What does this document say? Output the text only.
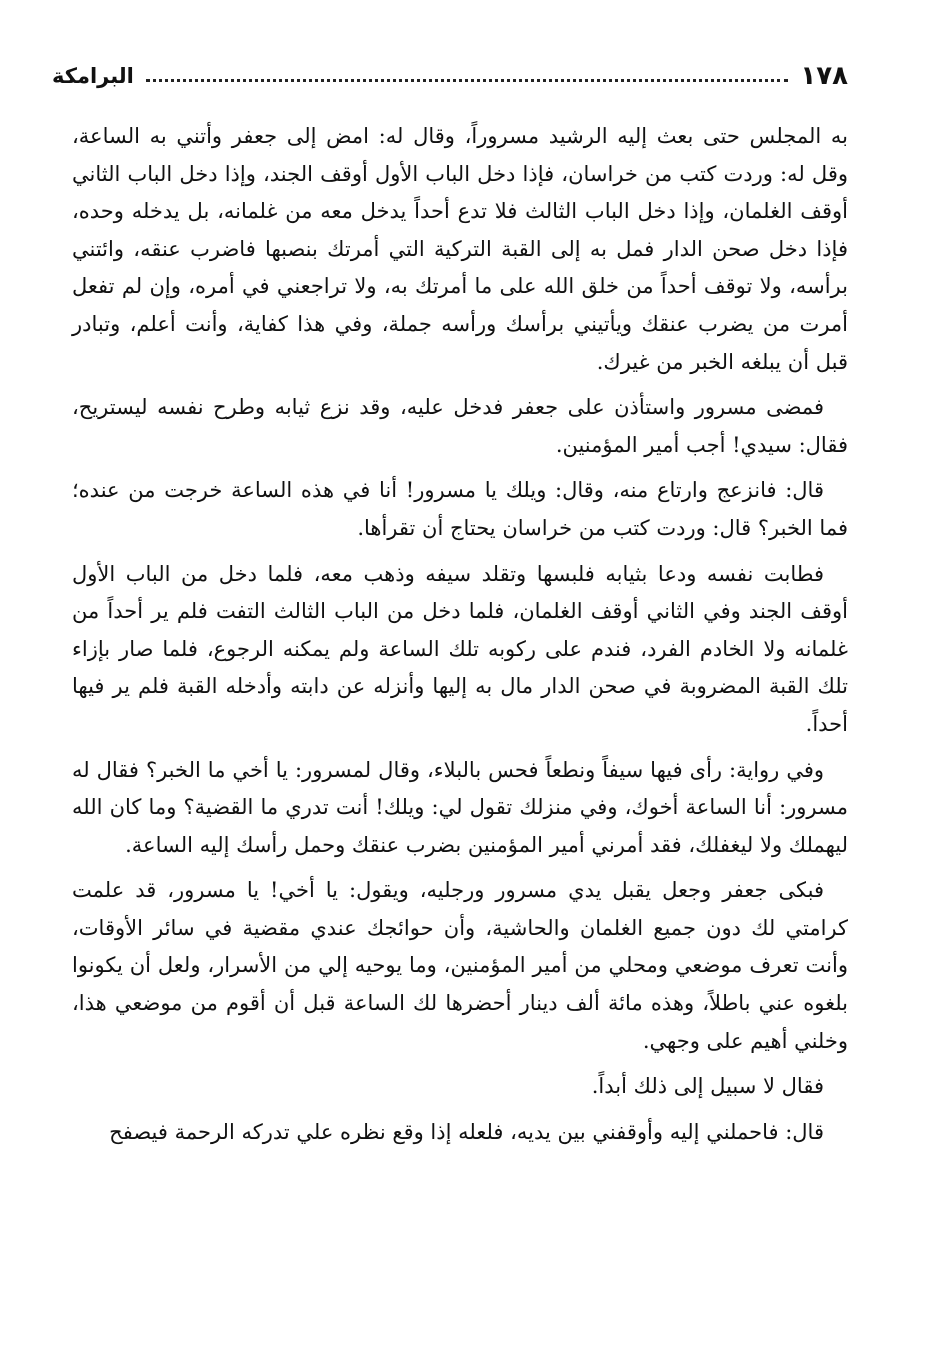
١٧٨
البرامكة

به المجلس حتى بعث إليه الرشيد مسروراً، وقال له: امض إلى جعفر وأتني به الساعة، وقل له: وردت كتب من خراسان، فإذا دخل الباب الأول أوقف الجند، وإذا دخل الباب الثاني أوقف الغلمان، وإذا دخل الباب الثالث فلا تدع أحداً يدخل معه من غلمانه، بل يدخله وحده، فإذا دخل صحن الدار فمل به إلى القبة التركية التي أمرتك بنصبها فاضرب عنقه، وائتني برأسه، ولا توقف أحداً من خلق الله على ما أمرتك به، ولا تراجعني في أمره، وإن لم تفعل أمرت من يضرب عنقك ويأتيني برأسك ورأسه جملة، وفي هذا كفاية، وأنت أعلم، وتبادر قبل أن يبلغه الخبر من غيرك.

فمضى مسرور واستأذن على جعفر فدخل عليه، وقد نزع ثيابه وطرح نفسه ليستريح، فقال: سيدي! أجب أمير المؤمنين.

قال: فانزعج وارتاع منه، وقال: ويلك يا مسرور! أنا في هذه الساعة خرجت من عنده؛ فما الخبر؟ قال: وردت كتب من خراسان يحتاج أن تقرأها.

فطابت نفسه ودعا بثيابه فلبسها وتقلد سيفه وذهب معه، فلما دخل من الباب الأول أوقف الجند وفي الثاني أوقف الغلمان، فلما دخل من الباب الثالث التفت فلم ير أحداً من غلمانه ولا الخادم الفرد، فندم على ركوبه تلك الساعة ولم يمكنه الرجوع، فلما صار بإزاء تلك القبة المضروبة في صحن الدار مال به إليها وأنزله عن دابته وأدخله القبة فلم ير فيها أحداً.

وفي رواية: رأى فيها سيفاً ونطعاً فحس بالبلاء، وقال لمسرور: يا أخي ما الخبر؟ فقال له مسرور: أنا الساعة أخوك، وفي منزلك تقول لي: ويلك! أنت تدري ما القضية؟ وما كان الله ليهملك ولا ليغفلك، فقد أمرني أمير المؤمنين بضرب عنقك وحمل رأسك إليه الساعة.

فبكى جعفر وجعل يقبل يدي مسرور ورجليه، ويقول: يا أخي! يا مسرور، قد علمت كرامتي لك دون جميع الغلمان والحاشية، وأن حوائجك عندي مقضية في سائر الأوقات، وأنت تعرف موضعي ومحلي من أمير المؤمنين، وما يوحيه إلي من الأسرار، ولعل أن يكونوا بلغوه عني باطلاً، وهذه مائة ألف دينار أحضرها لك الساعة قبل أن أقوم من موضعي هذا، وخلني أهيم على وجهي.

فقال لا سبيل إلى ذلك أبداً.

قال: فاحملني إليه وأوقفني بين يديه، فلعله إذا وقع نظره علي تدركه الرحمة فيصفح
